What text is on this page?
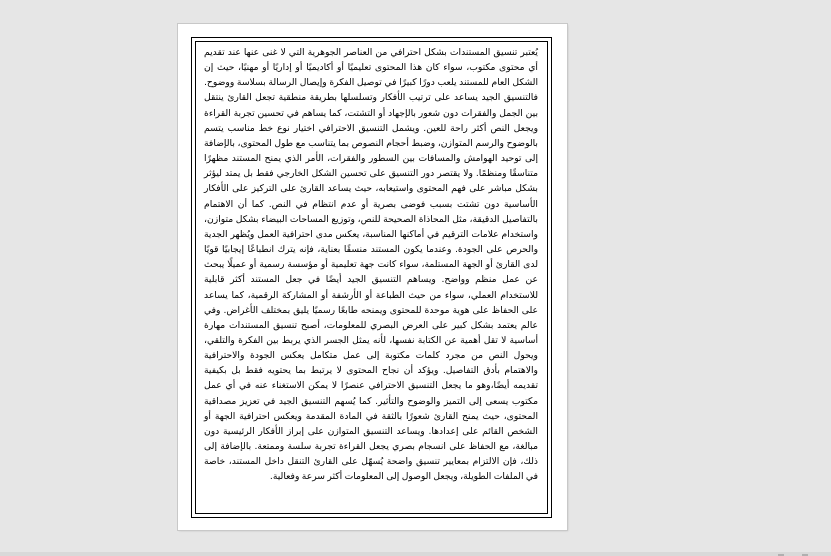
يُعتبر تنسيق المستندات بشكل احترافي من العناصر الجوهرية التي لا غنى عنها عند تقديم أي محتوى مكتوب، سواء كان هذا المحتوى تعليميًا أو أكاديميًا أو إداريًا أو مهنيًا، حيث إن الشكل العام للمستند يلعب دورًا كبيرًا في توصيل الفكرة وإيصال الرسالة بسلاسة ووضوح. فالتنسيق الجيد يساعد على ترتيب الأفكار وتسلسلها بطريقة منطقية تجعل القارئ ينتقل بين الجمل والفقرات دون شعور بالإجهاد أو التشتت، كما يساهم في تحسين تجربة القراءة ويجعل النص أكثر راحة للعين. ويشمل التنسيق الاحترافي اختيار نوع خط مناسب يتسم بالوضوح والرسم المتوازن، وضبط أحجام النصوص بما يتناسب مع طول المحتوى، بالإضافة إلى توحيد الهوامش والمسافات بين السطور والفقرات، الأمر الذي يمنح المستند مظهرًا متناسقًا ومنظمًا. ولا يقتصر دور التنسيق على تحسين الشكل الخارجي فقط بل يمتد ليؤثر بشكل مباشر على فهم المحتوى واستيعابه، حيث يساعد القارئ على التركيز على الأفكار الأساسية دون تشتت بسبب فوضى بصرية أو عدم انتظام في النص. كما أن الاهتمام بالتفاصيل الدقيقة، مثل المحاذاة الصحيحة للنص، وتوزيع المساحات البيضاء بشكل متوازن، واستخدام علامات الترقيم في أماكنها المناسبة، يعكس مدى احترافية العمل ويُظهر الجدية والحرص على الجودة. وعندما يكون المستند منسقًا بعناية، فإنه يترك انطباعًا إيجابيًا قويًا لدى القارئ أو الجهة المستلمة، سواء كانت جهة تعليمية أو مؤسسة رسمية أو عميلًا يبحث عن عمل منظم وواضح. ويساهم التنسيق الجيد أيضًا في جعل المستند أكثر قابلية للاستخدام العملي، سواء من حيث الطباعة أو الأرشفة أو المشاركة الرقمية، كما يساعد على الحفاظ على هوية موحدة للمحتوى ويمنحه طابعًا رسميًا يليق بمختلف الأغراض. وفي عالم يعتمد بشكل كبير على العرض البصري للمعلومات، أصبح تنسيق المستندات مهارة أساسية لا تقل أهمية عن الكتابة نفسها، لأنه يمثل الجسر الذي يربط بين الفكرة والتلقي، ويحول النص من مجرد كلمات مكتوبة إلى عمل متكامل يعكس الجودة والاحترافية والاهتمام بأدق التفاصيل. ويؤكد أن نجاح المحتوى لا يرتبط بما يحتويه فقط بل بكيفية تقديمه أيضًا،وهو ما يجعل التنسيق الاحترافي عنصرًا لا يمكن الاستغناء عنه في أي عمل مكتوب يسعى إلى التميز والوضوح والتأثير. كما يُسهم التنسيق الجيد في تعزيز مصداقية المحتوى، حيث يمنح القارئ شعورًا بالثقة في المادة المقدمة ويعكس احترافية الجهة أو الشخص القائم على إعدادها. ويساعد التنسيق المتوازن على إبراز الأفكار الرئيسية دون مبالغة، مع الحفاظ على انسجام بصري يجعل القراءة تجربة سلسة وممتعة. بالإضافة إلى ذلك، فإن الالتزام بمعايير تنسيق واضحة يُسهّل على القارئ التنقل داخل المستند، خاصة في الملفات الطويلة، ويجعل الوصول إلى المعلومات أكثر سرعة وفعالية.
